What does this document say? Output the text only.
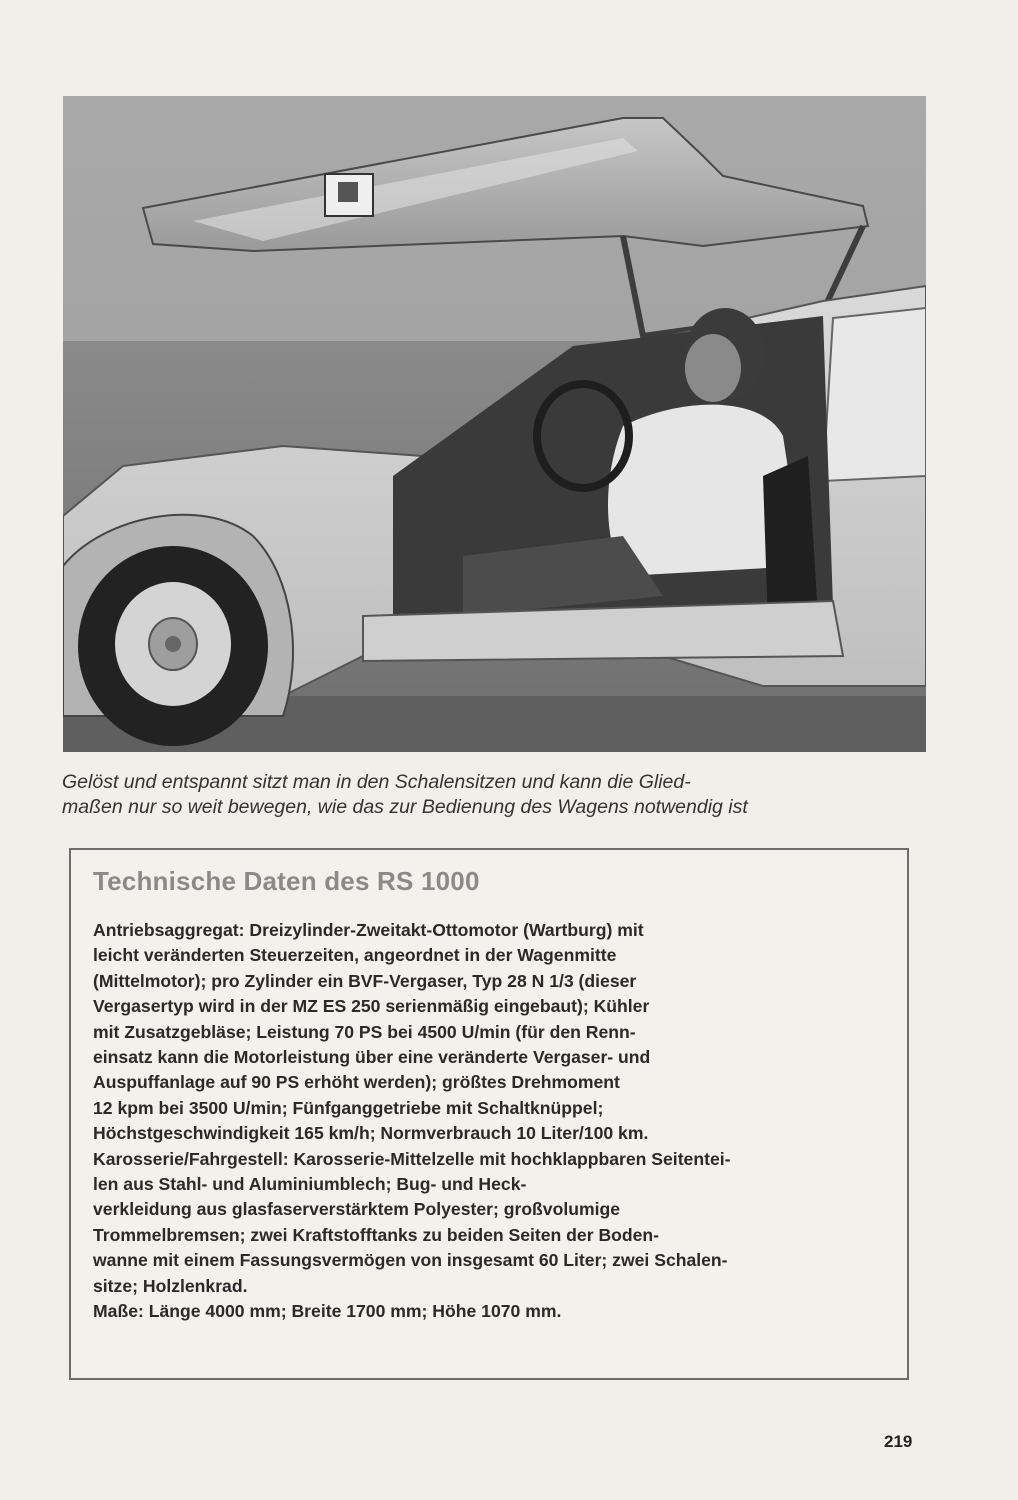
Gelöst und entspannt sitzt man in den Schalensitzen und kann die Glied-

maßen nur so weit bewegen, wie das zur Bedienung des Wagens notwendig ist

Technische Daten des RS 1000

Antriebsaggregat: Dreizylinder-Zweitakt-Ottomotor (Wartburg) mit

leicht veränderten Steuerzeiten, angeordnet in der Wagenmitte

(Mittelmotor); pro Zylinder ein BVF-Vergaser, Typ 28 N 1/3 (dieser

Vergasertyp wird in der MZ ES 250 serienmäßig eingebaut); Kühler

mit Zusatzgebläse; Leistung 70 PS bei 4500 U/min (für den Renn-

einsatz kann die Motorleistung über eine veränderte Vergaser- und

Auspuffanlage auf 90 PS erhöht werden); größtes Drehmoment

12 kpm bei 3500 U/min; Fünfganggetriebe mit Schaltknüppel;

Höchstgeschwindigkeit 165 km/h; Normverbrauch 10 Liter/100 km.

Karosserie/Fahrgestell: Karosserie-Mittelzelle mit hochklappbaren Seitentei-

len aus Stahl- und Aluminiumblech; Bug- und Heck-

verkleidung aus glasfaserverstärktem Polyester; großvolumige

Trommelbremsen; zwei Kraftstofftanks zu beiden Seiten der Boden-

wanne mit einem Fassungsvermögen von insgesamt 60 Liter; zwei Schalen-

sitze; Holzlenkrad.

Maße: Länge 4000 mm; Breite 1700 mm; Höhe 1070 mm.

219
